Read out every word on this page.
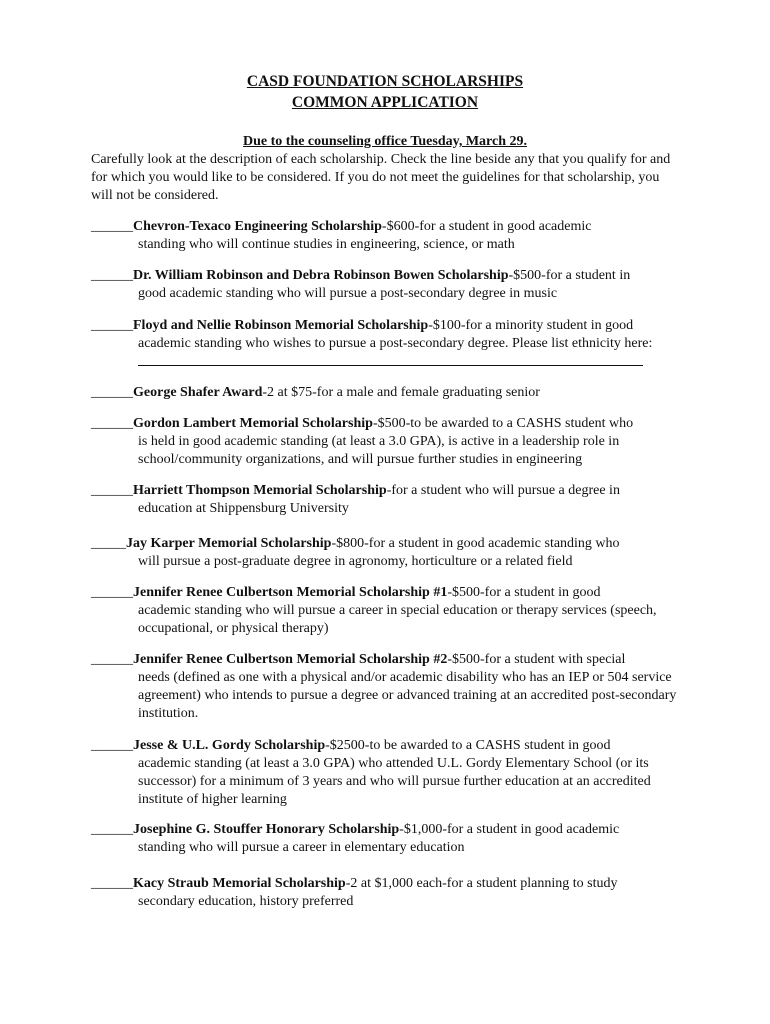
CASD FOUNDATION SCHOLARSHIPS
COMMON APPLICATION
Due to the counseling office Tuesday, March 29.

Carefully look at the description of each scholarship. Check the line beside any that you qualify for and for which you would like to be considered. If you do not meet the guidelines for that scholarship, you will not be considered.

______Chevron-Texaco Engineering Scholarship-$600-for a student in good academic
standing who will continue studies in engineering, science, or math
______Dr. William Robinson and Debra Robinson Bowen Scholarship-$500-for a student in
good academic standing who will pursue a post-secondary degree in music
______Floyd and Nellie Robinson Memorial Scholarship-$100-for a minority student in good
academic standing who wishes to pursue a post-secondary degree. Please list ethnicity here:
______George Shafer Award-2 at $75-for a male and female graduating senior
______Gordon Lambert Memorial Scholarship-$500-to be awarded to a CASHS student who
is held in good academic standing (at least a 3.0 GPA), is active in a leadership role in school/community organizations, and will pursue further studies in engineering
______Harriett Thompson Memorial Scholarship-for a student who will pursue a degree in
education at Shippensburg University
_____Jay Karper Memorial Scholarship-$800-for a student in good academic standing who
will pursue a post-graduate degree in agronomy, horticulture or a related field
______Jennifer Renee Culbertson Memorial Scholarship #1-$500-for a student in good
academic standing who will pursue a career in special education or therapy services (speech, occupational, or physical therapy)
______Jennifer Renee Culbertson Memorial Scholarship #2-$500-for a student with special
needs (defined as one with a physical and/or academic disability who has an IEP or 504 service agreement) who intends to pursue a degree or advanced training at an accredited post-secondary institution.
______Jesse & U.L. Gordy Scholarship-$2500-to be awarded to a CASHS student in good
academic standing (at least a 3.0 GPA) who attended U.L. Gordy Elementary School (or its successor) for a minimum of 3 years and who will pursue further education at an accredited institute of higher learning
______Josephine G. Stouffer Honorary Scholarship-$1,000-for a student in good academic
standing who will pursue a career in elementary education
______Kacy Straub Memorial Scholarship-2 at $1,000 each-for a student planning to study
secondary education, history preferred
